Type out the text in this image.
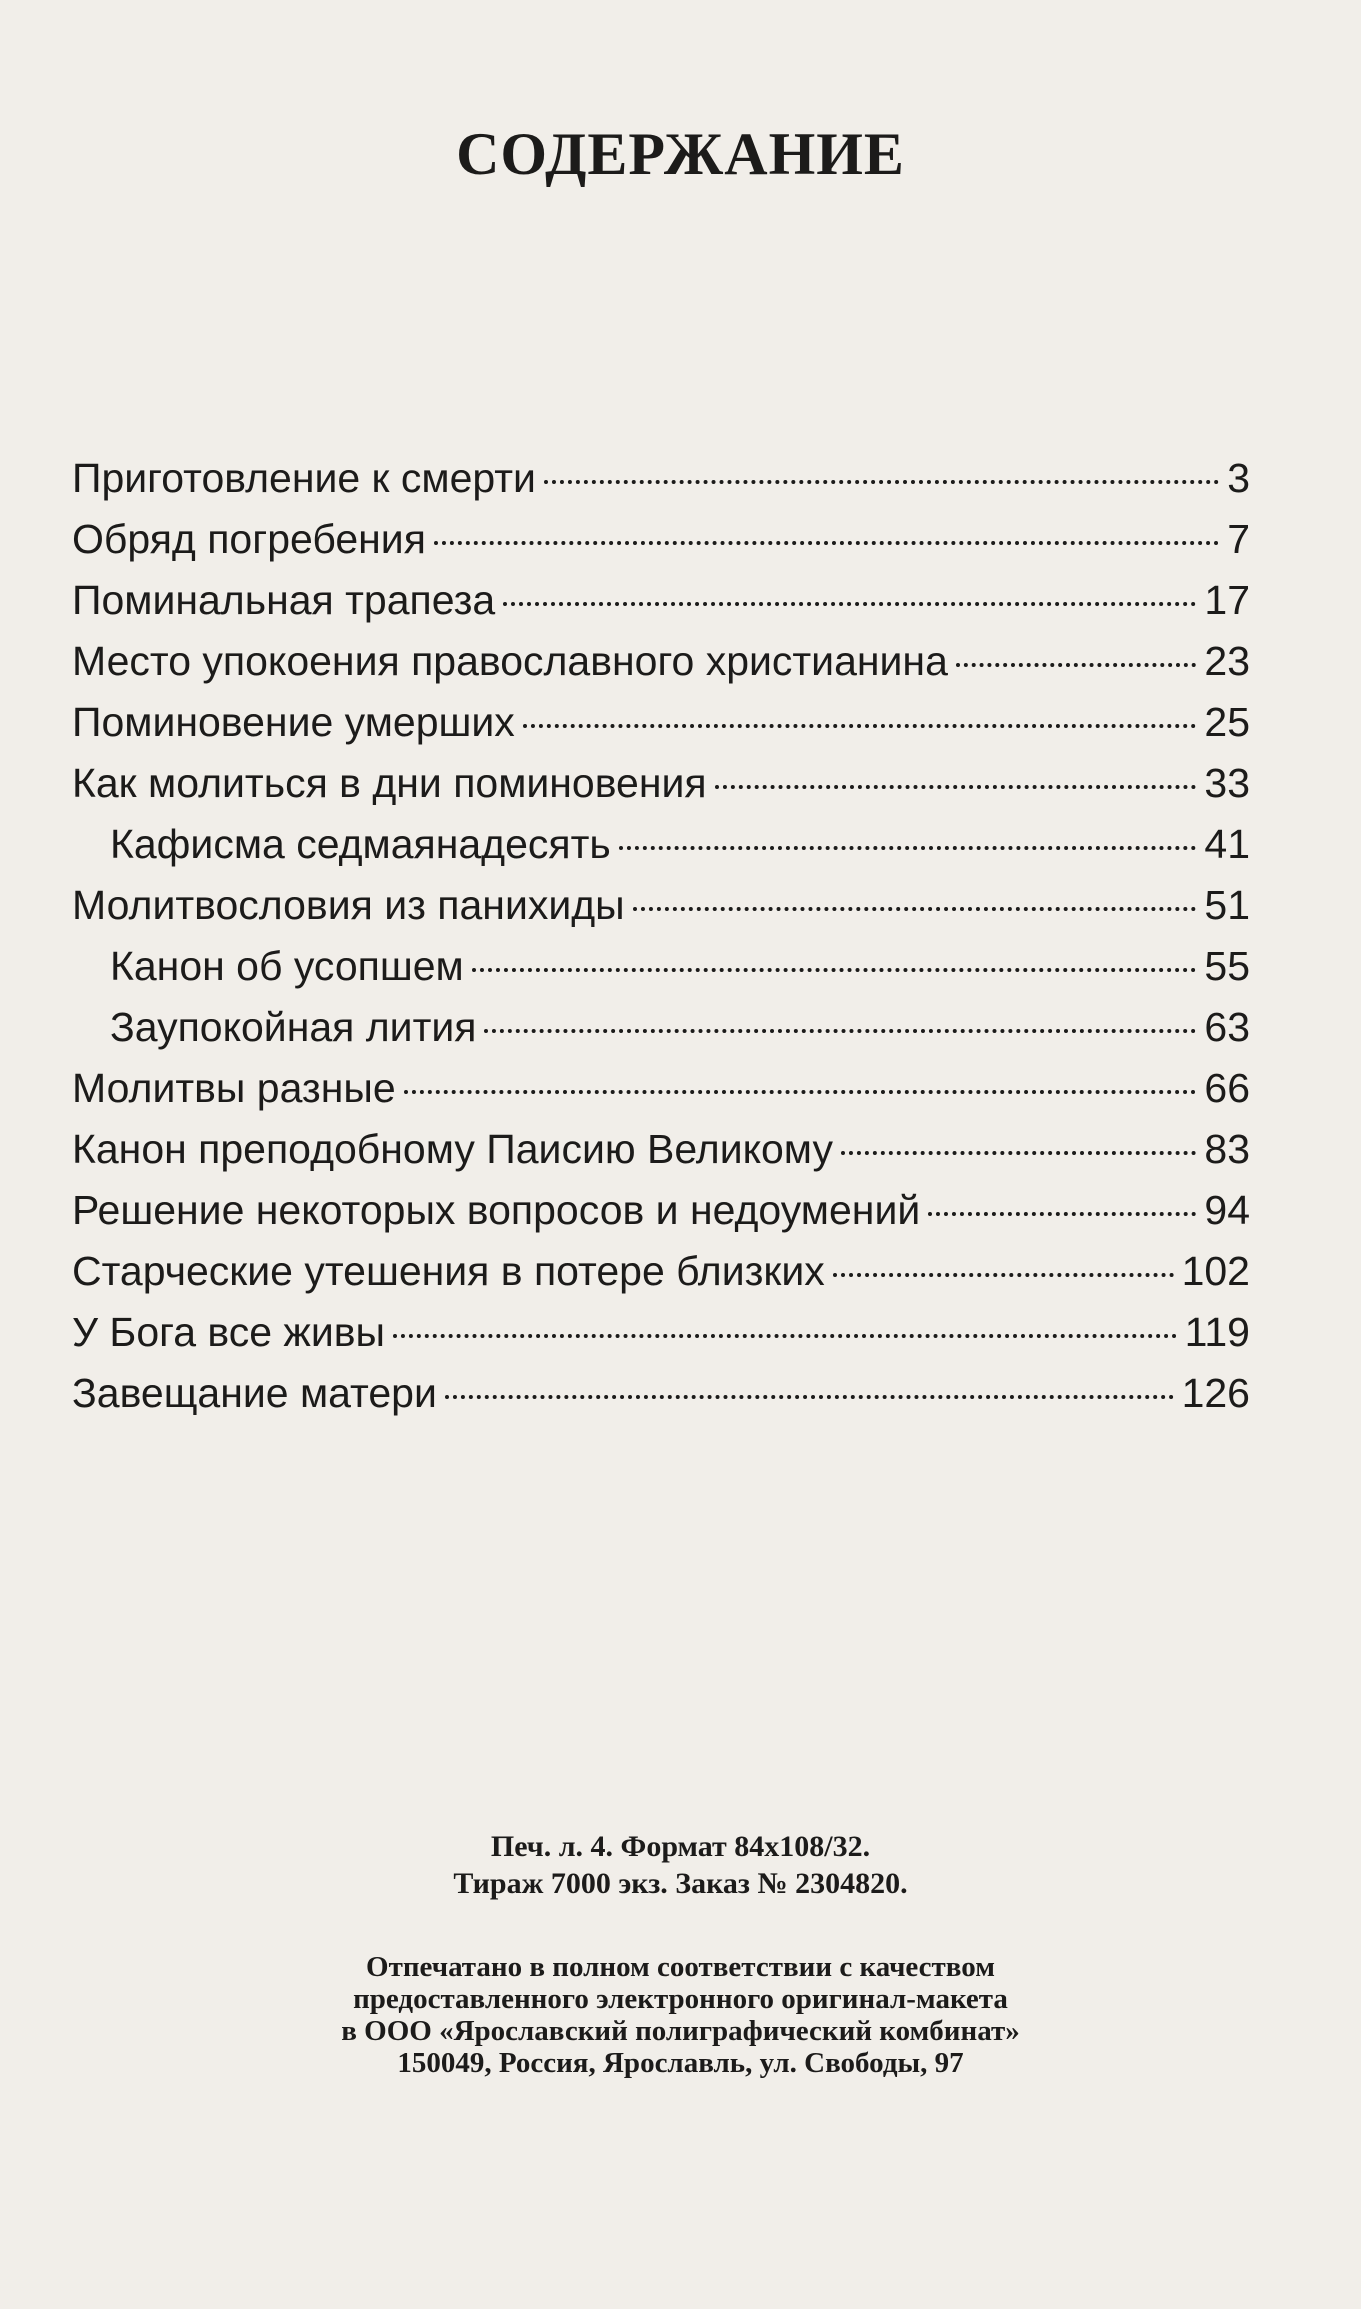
СОДЕРЖАНИЕ
Приготовление к смерти	3
Обряд погребения	7
Поминальная трапеза	17
Место упокоения православного христианина	23
Поминовение умерших	25
Как молиться в дни поминовения	33
Кафисма седмаянадесять	41
Молитвословия из панихиды	51
Канон об усопшем	55
Заупокойная лития	63
Молитвы разные	66
Канон преподобному Паисию Великому	83
Решение некоторых вопросов и недоумений	94
Старческие утешения в потере близких	102
У Бога все живы	119
Завещание матери	126
Печ. л. 4. Формат 84x108/32.
Тираж 7000 экз. Заказ № 2304820.
Отпечатано в полном соответствии с качеством
предоставленного электронного оригинал-макета
в ООО «Ярославский полиграфический комбинат»
150049, Россия, Ярославль, ул. Свободы, 97
